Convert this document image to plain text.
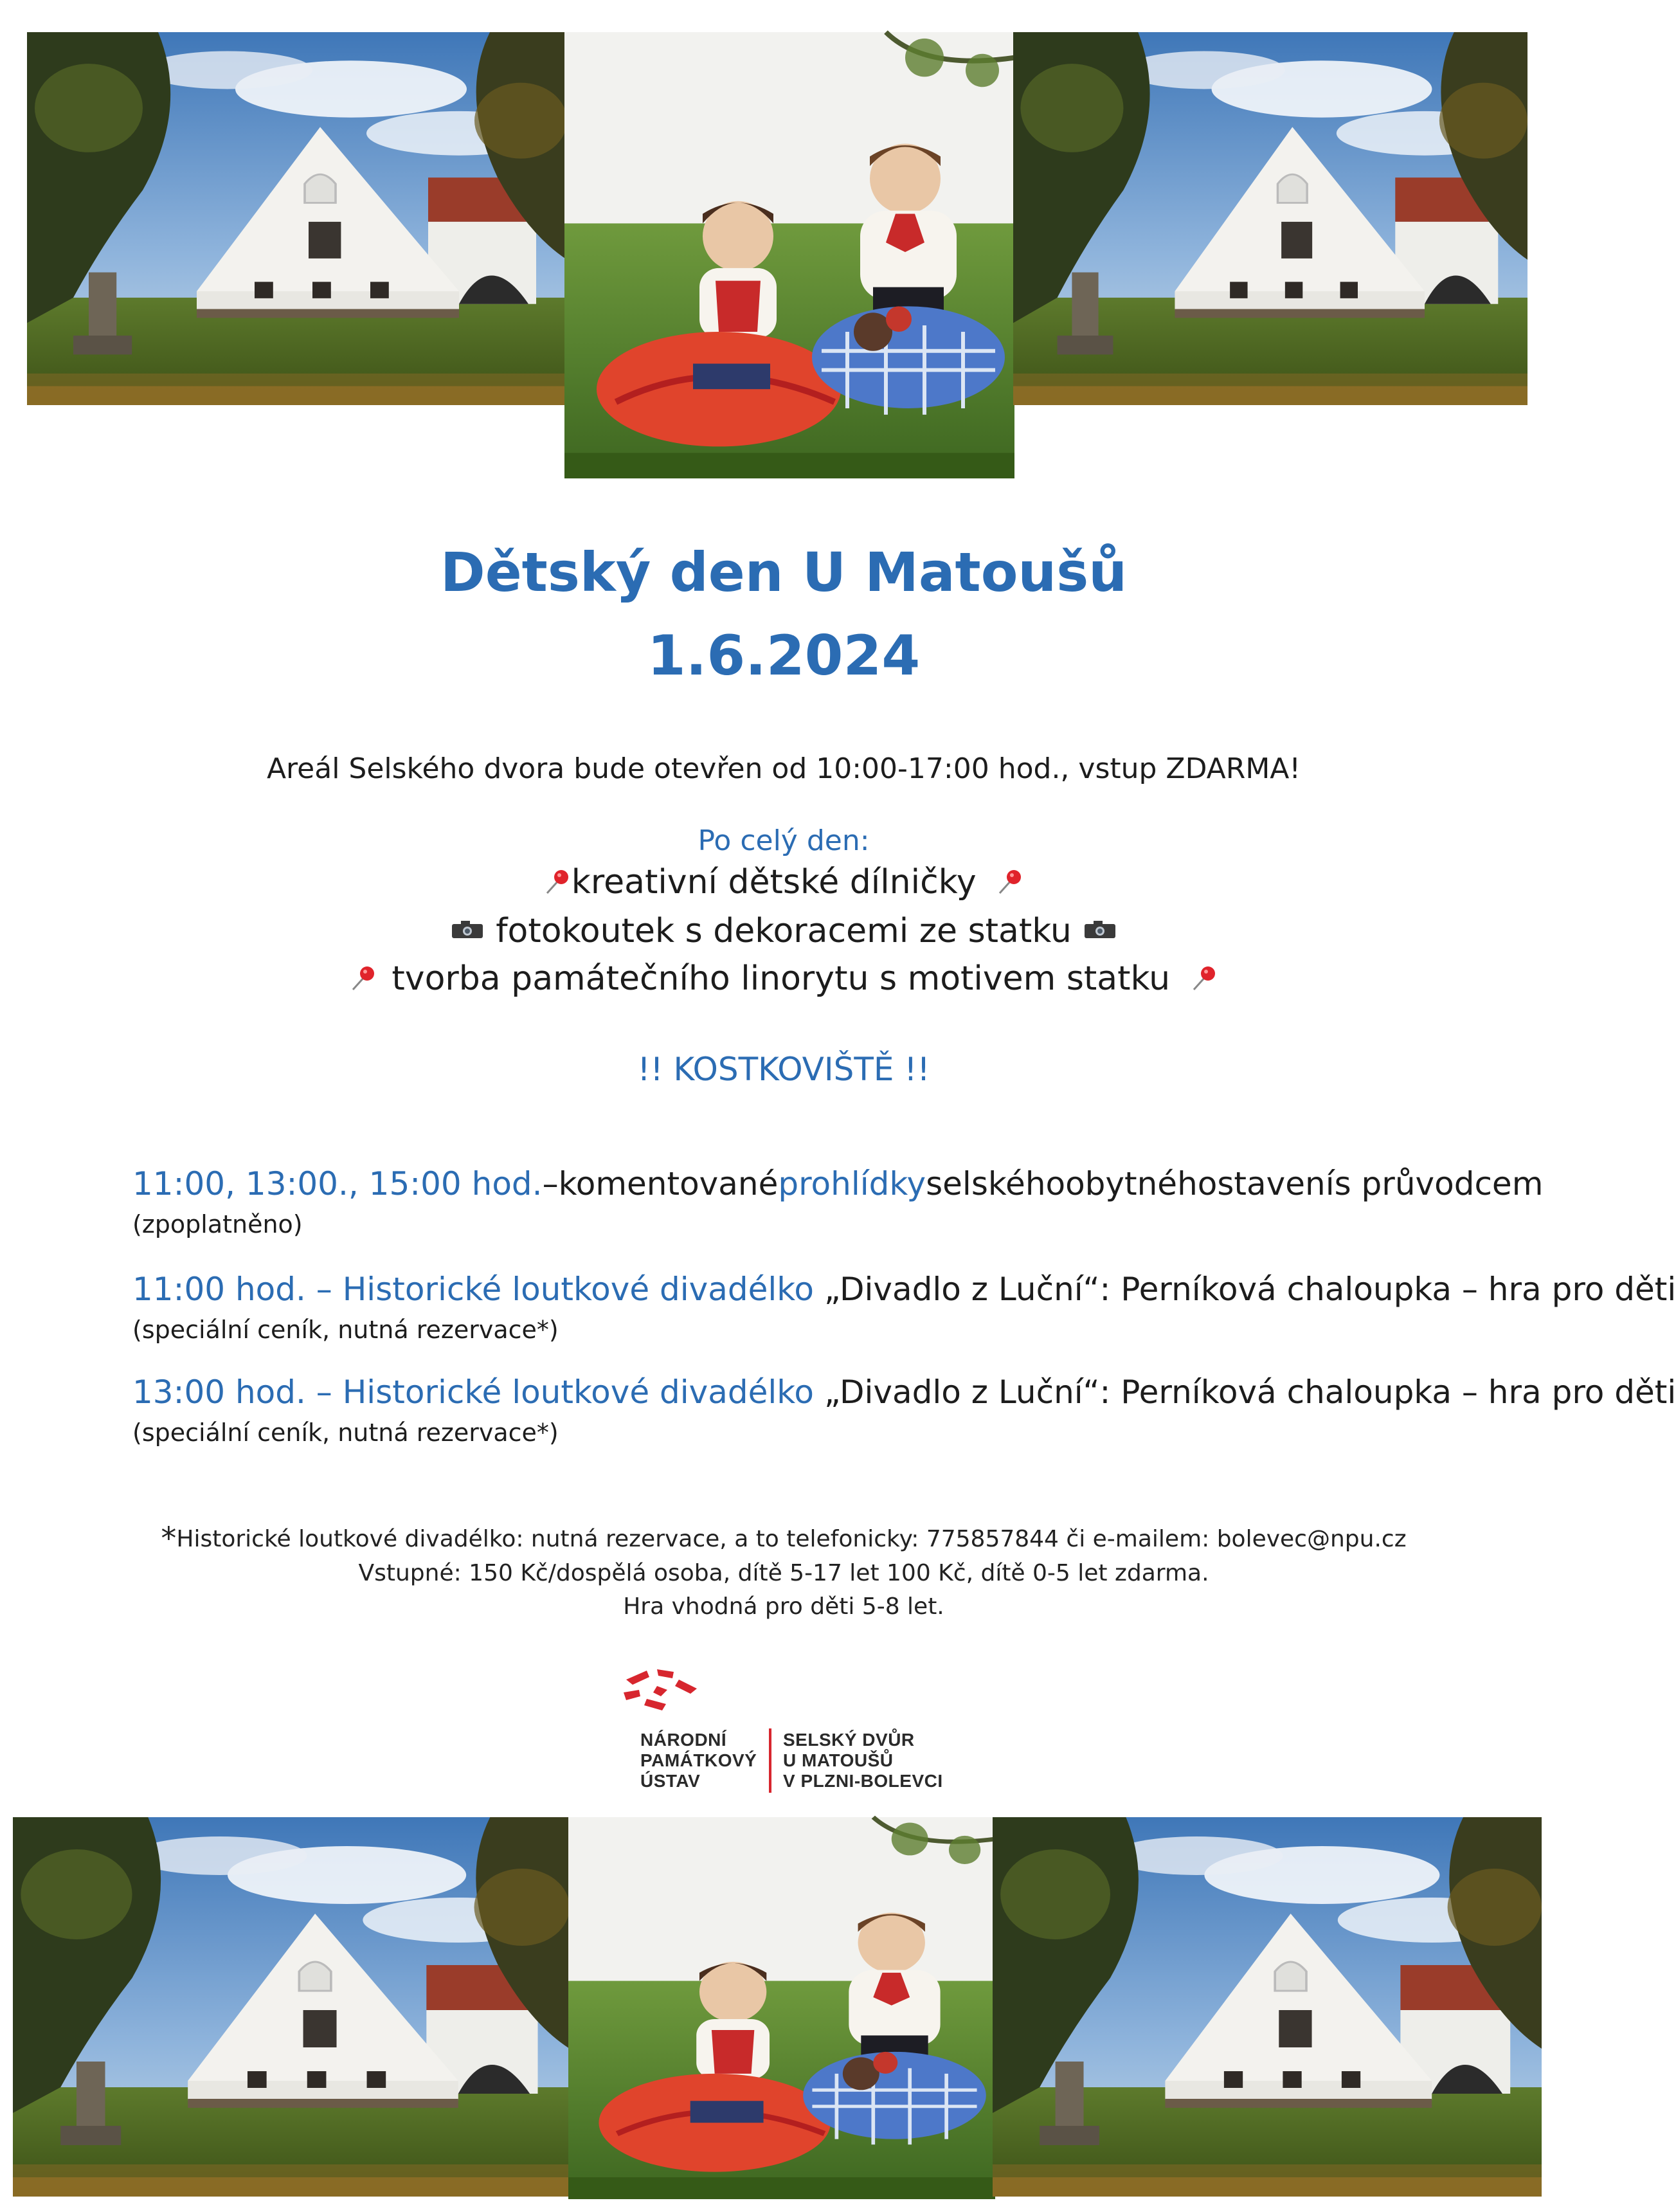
Dětský den U Matoušů
1.6.2024
Areál Selského dvora bude otevřen od 10:00-17:00 hod., vstup ZDARMA!
Po celý den:
kreativní dětské dílničky
fotokoutek s dekoracemi ze statku
tvorba památečního linorytu s motivem statku
!! KOSTKOVIŠTĚ !!
11:00, 13:00., 15:00 hod. – komentované prohlídky selského obytného stavení s průvodcem
(zpoplatněno)
11:00 hod. – Historické loutkové divadélko
„Divadlo z Luční“: Perníková chaloupka – hra pro děti
(speciální ceník, nutná rezervace*)
13:00 hod . – Historické loutkové divadélko
„Divadlo z Luční“: Perníková chaloupka – hra pro děti
(speciální ceník, nutná rezervace*)
*Historické loutkové divadélko: nutná rezervace, a to telefonicky: 775857844 či e-mailem: bolevec@npu.cz
Vstupné: 150 Kč/dospělá osoba, dítě 5-17 let 100 Kč, dítě 0-5 let zdarma.
Hra vhodná pro děti 5-8 let.
NÁRODNÍ
PAMÁTKOVÝ
ÚSTAV
SELSKÝ DVŮR
U MATOUŠŮ
V PLZNI-BOLEVCI
